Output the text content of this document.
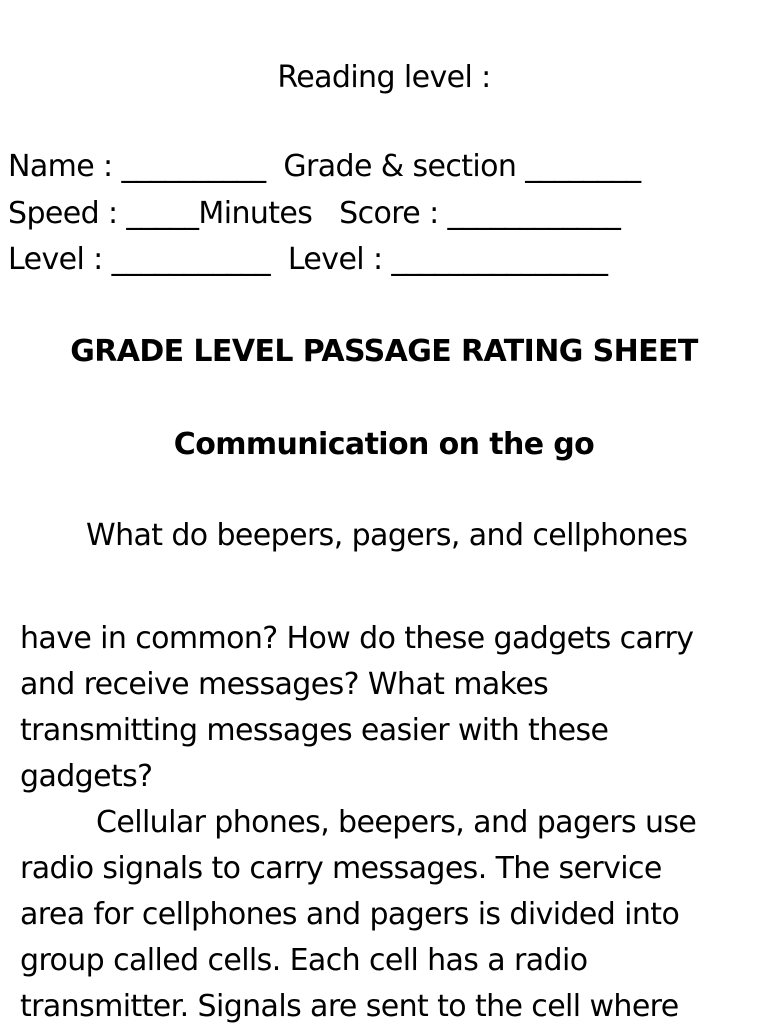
Reading level :
Name : __________  Grade & section ________
Speed : _____Minutes   Score : ____________
Level : ___________  Level : _______________
GRADE LEVEL PASSAGE RATING SHEET
Communication on the go
What do beepers, pagers, and cellphones

have in common? How do these gadgets carry

and receive messages? What makes

transmitting messages easier with these

gadgets?

Cellular phones, beepers, and pagers use

radio signals to carry messages. The service

area for cellphones and pagers is divided into

group called cells. Each cell has a radio

transmitter. Signals are sent to the cell where
